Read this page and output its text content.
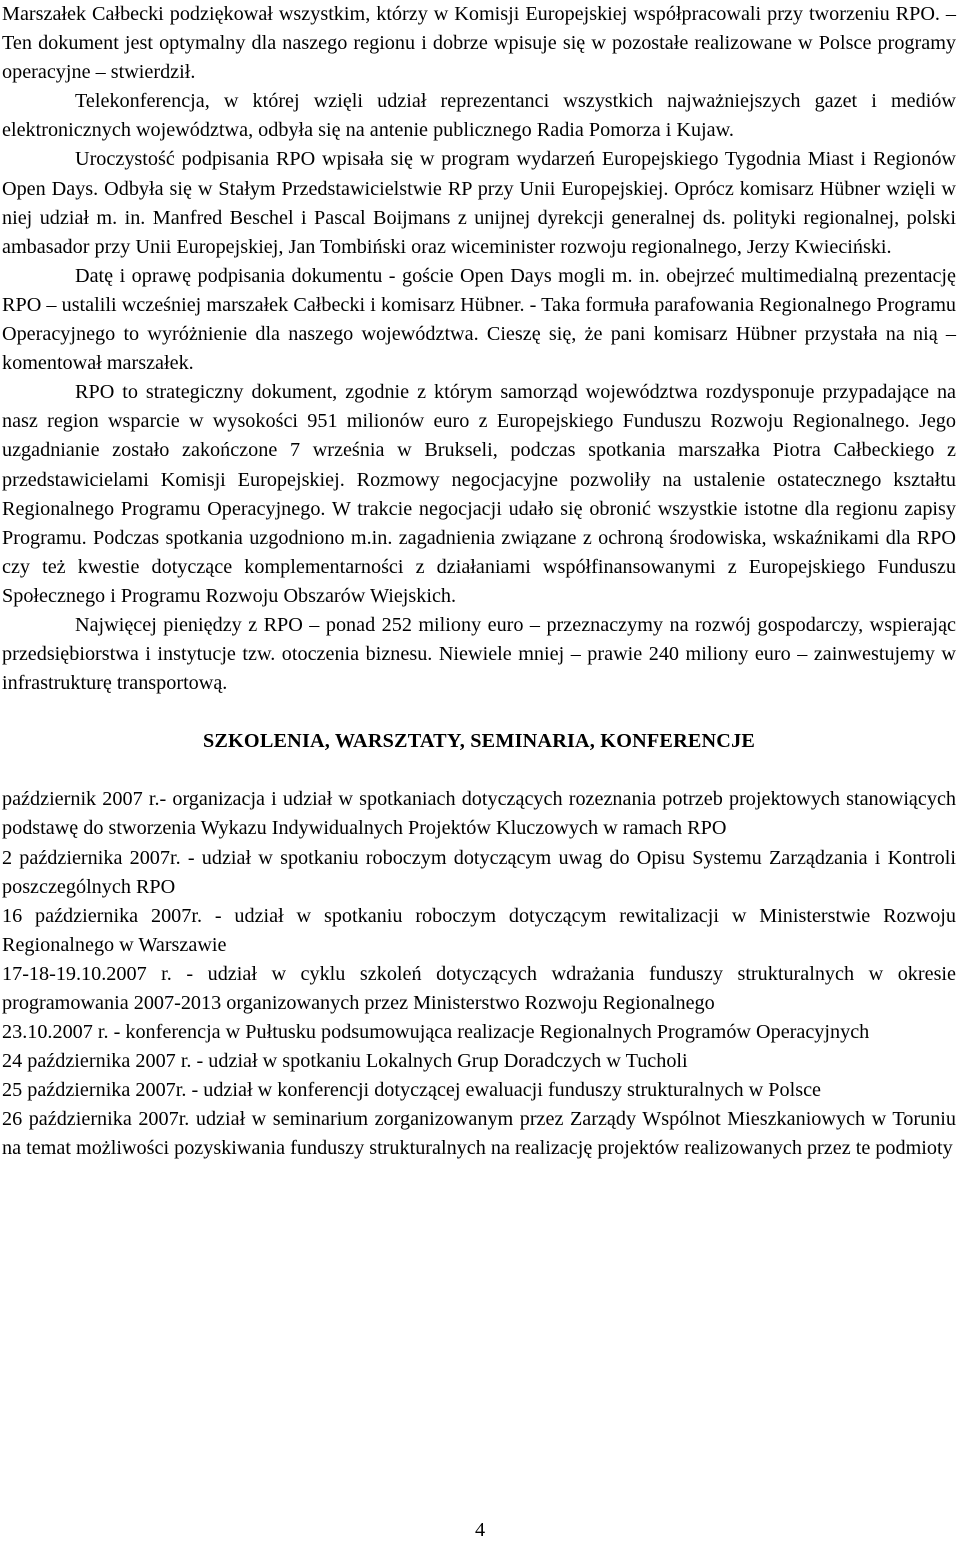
Marszałek Całbecki podziękował wszystkim, którzy w Komisji Europejskiej współpracowali przy tworzeniu RPO. – Ten dokument jest optymalny dla naszego regionu i dobrze wpisuje się w pozostałe realizowane w Polsce programy operacyjne – stwierdził.

Telekonferencja, w której wzięli udział reprezentanci wszystkich najważniejszych gazet i mediów elektronicznych województwa, odbyła się na antenie publicznego Radia Pomorza i Kujaw.

Uroczystość podpisania RPO wpisała się w program wydarzeń Europejskiego Tygodnia Miast i Regionów Open Days. Odbyła się w Stałym Przedstawicielstwie RP przy Unii Europejskiej. Oprócz komisarz Hübner wzięli w niej udział m. in. Manfred Beschel i Pascal Boijmans z unijnej dyrekcji generalnej ds. polityki regionalnej, polski ambasador przy Unii Europejskiej, Jan Tombiński oraz wiceminister rozwoju regionalnego, Jerzy Kwieciński.

Datę i oprawę podpisania dokumentu - goście Open Days mogli m. in. obejrzeć multimedialną prezentację RPO – ustalili wcześniej marszałek Całbecki i komisarz Hübner. - Taka formuła parafowania Regionalnego Programu Operacyjnego to wyróżnienie dla naszego województwa. Cieszę się, że pani komisarz Hübner przystała na nią – komentował marszałek.

RPO to strategiczny dokument, zgodnie z którym samorząd województwa rozdysponuje przypadające na nasz region wsparcie w wysokości 951 milionów euro z Europejskiego Funduszu Rozwoju Regionalnego. Jego uzgadnianie zostało zakończone 7 września w Brukseli, podczas spotkania marszałka Piotra Całbeckiego z przedstawicielami Komisji Europejskiej. Rozmowy negocjacyjne pozwoliły na ustalenie ostatecznego kształtu Regionalnego Programu Operacyjnego. W trakcie negocjacji udało się obronić wszystkie istotne dla regionu zapisy Programu. Podczas spotkania uzgodniono m.in. zagadnienia związane z ochroną środowiska, wskaźnikami dla RPO czy też kwestie dotyczące komplementarności z działaniami współfinansowanymi z Europejskiego Funduszu Społecznego i Programu Rozwoju Obszarów Wiejskich.

Najwięcej pieniędzy z RPO – ponad 252 miliony euro – przeznaczymy na rozwój gospodarczy, wspierając przedsiębiorstwa i instytucje tzw. otoczenia biznesu. Niewiele mniej – prawie 240 miliony euro – zainwestujemy w infrastrukturę transportową.

SZKOLENIA, WARSZTATY, SEMINARIA, KONFERENCJE

październik 2007 r.- organizacja i udział w spotkaniach dotyczących rozeznania potrzeb projektowych stanowiących podstawę do stworzenia Wykazu Indywidualnych Projektów Kluczowych w ramach RPO

2 października 2007r. - udział w spotkaniu roboczym dotyczącym uwag do Opisu Systemu Zarządzania i Kontroli poszczególnych RPO

16 października 2007r. - udział w spotkaniu roboczym dotyczącym rewitalizacji w Ministerstwie Rozwoju Regionalnego w Warszawie

17-18-19.10.2007 r. - udział w cyklu szkoleń dotyczących wdrażania funduszy strukturalnych w okresie programowania 2007-2013 organizowanych przez Ministerstwo Rozwoju Regionalnego

23.10.2007 r. - konferencja w Pułtusku podsumowująca realizacje Regionalnych Programów Operacyjnych

24 października 2007 r. - udział w spotkaniu Lokalnych Grup Doradczych w Tucholi

25 października 2007r. - udział w konferencji dotyczącej ewaluacji funduszy strukturalnych w Polsce

26 października 2007r. udział w seminarium zorganizowanym przez Zarządy Wspólnot Mieszkaniowych w Toruniu na temat możliwości pozyskiwania funduszy strukturalnych na realizację projektów realizowanych przez te podmioty

4
